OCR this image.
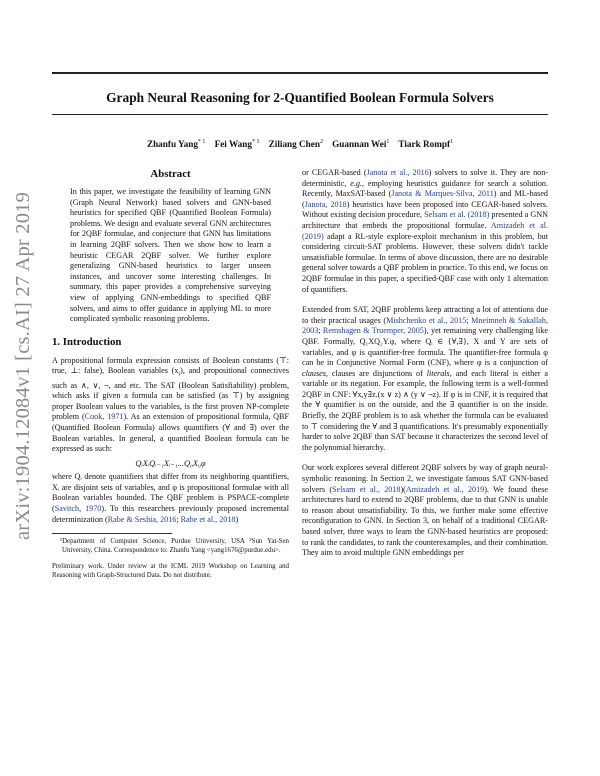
Graph Neural Reasoning for 2-Quantified Boolean Formula Solvers
Zhanfu Yang$^{* 1}$ Fei Wang$^{* 1}$ Ziliang Chen$^2$ Guannan Wei$^1$ Tiark Rompf$^1$
arXiv:1904.12084v1 [cs.AI] 27 Apr 2019
Abstract

In this paper, we investigate the feasibility of learning GNN (Graph Neural Network) based solvers and GNN-based heuristics for specified QBF (Quantified Boolean Formula) problems. We design and evaluate several GNN architectures for 2QBF formulae, and conjecture that GNN has limitations in learning 2QBF solvers. Then we show how to learn a heuristic CEGAR 2QBF solver. We further explore generalizing GNN-based heuristics to larger unseen instances, and uncover some interesting challenges. In summary, this paper provides a comprehensive surveying view of applying GNN-embeddings to specified QBF solvers, and aims to offer guidance in applying ML to more complicated symbolic reasoning problems.

1. Introduction

A propositional formula expression consists of Boolean constants (⊤: true, ⊥: false), Boolean variables $(x_i)$, and propositional connectives such as ∧, ∨, ¬, and etc. The SAT (Boolean Satisfiability) problem, which asks if given a formula can be satisfied (as ⊤) by assigning proper Boolean values to the variables, is the first proven NP-complete problem (Cook, 1971). As an extension of propositional formula, QBF (Quantified Boolean Formula) allows quantifiers (∀ and ∃) over the Boolean variables. In general, a quantified Boolean formula can be expressed as such:

QᵢXᵢQᵢ₋₁Xᵢ₋₁...Q₀X₀φ

where Qᵢ denote quantifiers that differ from its neighboring quantifiers, Xᵢ are disjoint sets of variables, and φ is propositional formulae with all Boolean variables bounded. The QBF problem is PSPACE-complete (Savitch, 1970). To this researchers previously proposed incremental determinization (Rabe & Seshia, 2016; Rabe et al., 2018)

¹Department of Computer Science, Purdue University, USA ²Sun Yat-Sen University, China. Correspondence to: Zhanfu Yang <yang1676@purdue.edu>.

Preliminary work. Under review at the ICML 2019 Workshop on Learning and Reasoning with Graph-Structured Data. Do not distribute.

or CEGAR-based (Janota et al., 2016) solvers to solve it. They are non-deterministic, e.g., employing heuristics guidance for search a solution. Recently, MaxSAT-based (Janota & Marques-Silva, 2011) and ML-based (Janota, 2018) heuristics have been proposed into CEGAR-based solvers. Without existing decision procedure, Selsam et al. (2018) presented a GNN architecture that embeds the propositional formulae. Amizadeh et al. (2019) adapt a RL-style explore-exploit mechanism in this problem, but considering circuit-SAT problems. However, these solvers didn't tackle unsatisfiable formulae. In terms of above discussion, there are no desirable general solver towards a QBF problem in practice. To this end, we focus on 2QBF formulae in this paper, a specified-QBF case with only 1 alternation of quantifiers.

Extended from SAT, 2QBF problems keep attracting a lot of attentions due to their practical usages (Mishchenko et al., 2015; Mneimneh & Sakallah, 2003; Remshagen & Truemper, 2005), yet remaining very challenging like QBF. Formally, Q₁XQ₂Y.φ, where Qᵢ ∈ {∀,∃}, X and Y are sets of variables, and φ is quantifier-free formula. The quantifier-free formula φ can be in Conjunctive Normal Form (CNF), where φ is a conjunction of clauses, clauses are disjunctions of literals, and each literal is either a variable or its negation. For example, the following term is a well-formed 2QBF in CNF: ∀x,y∃z.(x ∨ z) ∧ (y ∨ ¬z). If φ is in CNF, it is required that the ∀ quantifier is on the outside, and the ∃ quantifier is on the inside. Briefly, the 2QBF problem is to ask whether the formula can be evaluated to ⊤ considering the ∀ and ∃ quantifications. It's presumably exponentially harder to solve 2QBF than SAT because it characterizes the second level of the polynomial hierarchy.

Our work explores several different 2QBF solvers by way of graph neural-symbolic reasoning. In Section 2, we investigate famous SAT GNN-based solvers (Selsam et al., 2018)(Amizadeh et al., 2019). We found these architectures hard to extend to 2QBF problems, due to that GNN is unable to reason about unsatisfiability. To this, we further make some effective reconfiguration to GNN. In Section 3, on behalf of a traditional CEGAR-based solver, three ways to learn the GNN-based heuristics are proposed: to rank the candidates, to rank the counterexamples, and their combination. They aim to avoid multiple GNN embeddings per
